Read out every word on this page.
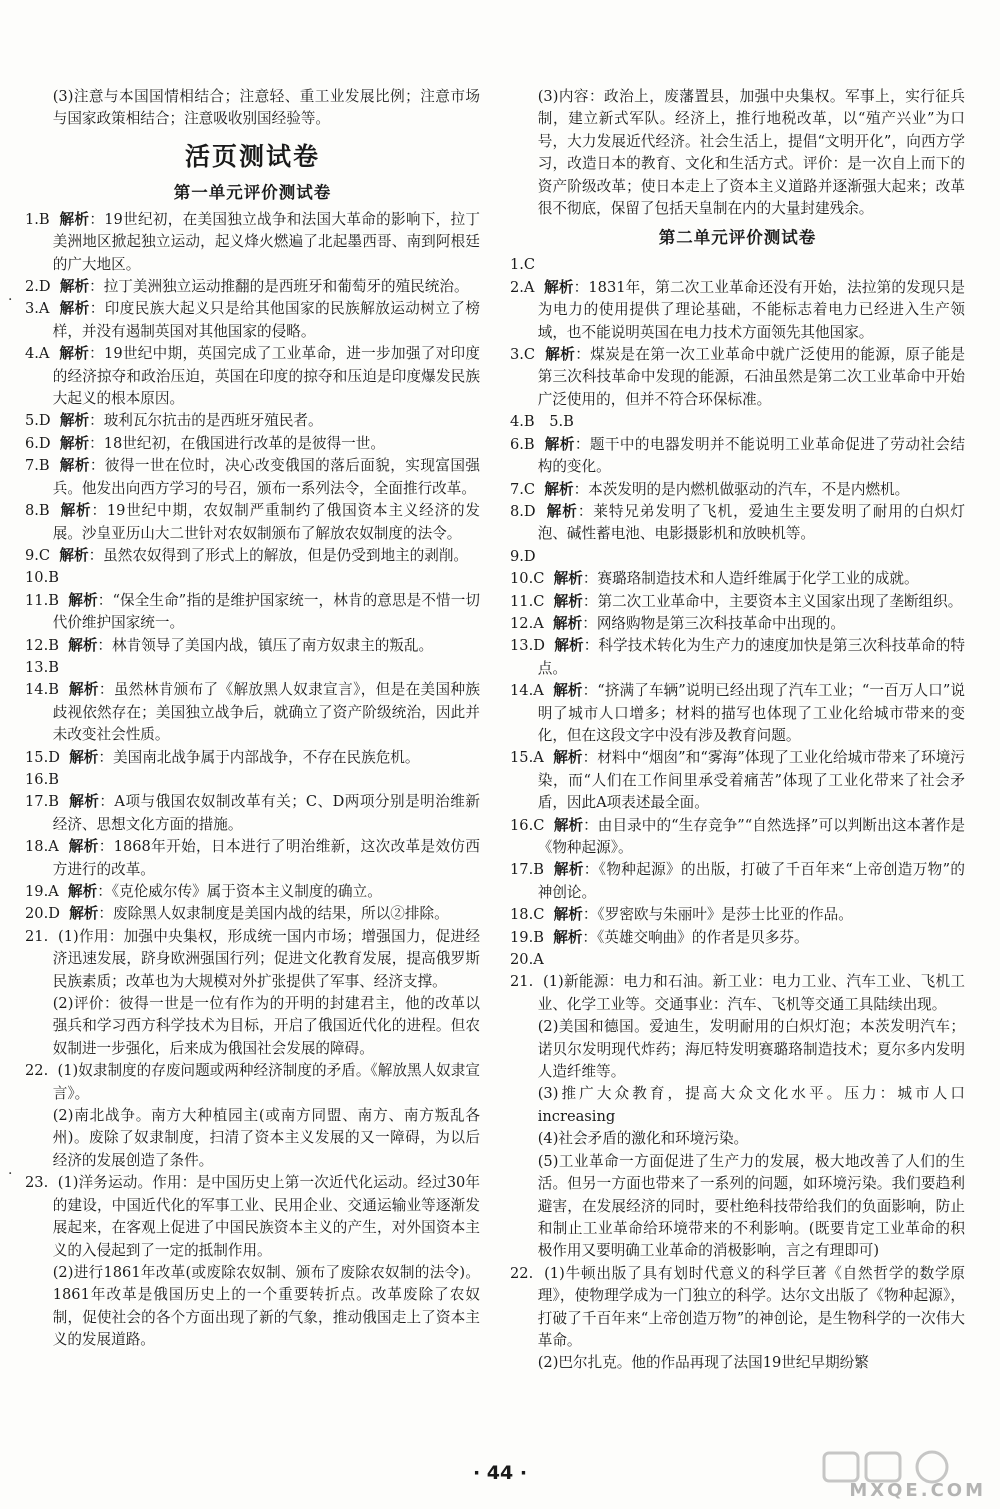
(3)注意与本国国情相结合；注意轻、重工业发展比例；注意市场与国家政策相结合；注意吸收别国经验等。
活页测试卷
第一单元评价测试卷
1.B 解析：19世纪初，在美国独立战争和法国大革命的影响下，拉丁美洲地区掀起独立运动，起义烽火燃遍了北起墨西哥、南到阿根廷的广大地区。
2.D 解析：拉丁美洲独立运动推翻的是西班牙和葡萄牙的殖民统治。
3.A 解析：印度民族大起义只是给其他国家的民族解放运动树立了榜样，并没有遏制英国对其他国家的侵略。
4.A 解析：19世纪中期，英国完成了工业革命，进一步加强了对印度的经济掠夺和政治压迫，英国在印度的掠夺和压迫是印度爆发民族大起义的根本原因。
5.D 解析：玻利瓦尔抗击的是西班牙殖民者。
6.D 解析：18世纪初，在俄国进行改革的是彼得一世。
7.B 解析：彼得一世在位时，决心改变俄国的落后面貌，实现富国强兵。他发出向西方学习的号召，颁布一系列法令，全面推行改革。
8.B 解析：19世纪中期，农奴制严重制约了俄国资本主义经济的发展。沙皇亚历山大二世针对农奴制颁布了解放农奴制度的法令。
9.C 解析：虽然农奴得到了形式上的解放，但是仍受到地主的剥削。
10.B
11.B 解析：“保全生命”指的是维护国家统一，林肯的意思是不惜一切代价维护国家统一。
12.B 解析：林肯领导了美国内战，镇压了南方奴隶主的叛乱。
13.B
14.B 解析：虽然林肯颁布了《解放黑人奴隶宣言》，但是在美国种族歧视依然存在；美国独立战争后，就确立了资产阶级统治，因此并未改变社会性质。
15.D 解析：美国南北战争属于内部战争，不存在民族危机。
16.B
17.B 解析：A项与俄国农奴制改革有关；C、D两项分别是明治维新经济、思想文化方面的措施。
18.A 解析：1868年开始，日本进行了明治维新，这次改革是效仿西方进行的改革。
19.A 解析：《克伦威尔传》属于资本主义制度的确立。
20.D 解析：废除黑人奴隶制度是美国内战的结果，所以②排除。
21. (1)作用：加强中央集权，形成统一国内市场；增强国力，促进经济迅速发展，跻身欧洲强国行列；促进文化教育发展，提高俄罗斯民族素质；改革也为大规模对外扩张提供了军事、经济支撑。
(2)评价：彼得一世是一位有作为的开明的封建君主，他的改革以强兵和学习西方科学技术为目标，开启了俄国近代化的进程。但农奴制进一步强化，后来成为俄国社会发展的障碍。
22. (1)奴隶制度的存废问题或两种经济制度的矛盾。《解放黑人奴隶宣言》。
(2)南北战争。南方大种植园主(或南方同盟、南方、南方叛乱各州)。废除了奴隶制度，扫清了资本主义发展的又一障碍，为以后经济的发展创造了条件。
23. (1)洋务运动。作用：是中国历史上第一次近代化运动。经过30年的建设，中国近代化的军事工业、民用企业、交通运输业等逐渐发展起来，在客观上促进了中国民族资本主义的产生，对外国资本主义的入侵起到了一定的抵制作用。
(2)进行1861年改革(或废除农奴制、颁布了废除农奴制的法令)。1861年改革是俄国历史上的一个重要转折点。改革废除了农奴制，促使社会的各个方面出现了新的气象，推动俄国走上了资本主义的发展道路。
(3)内容：政治上，废藩置县，加强中央集权。军事上，实行征兵制，建立新式军队。经济上，推行地税改革，以“殖产兴业”为口号，大力发展近代经济。社会生活上，提倡“文明开化”，向西方学习，改造日本的教育、文化和生活方式。评价：是一次自上而下的资产阶级改革；使日本走上了资本主义道路并逐渐强大起来；改革很不彻底，保留了包括天皇制在内的大量封建残余。
第二单元评价测试卷
1.C
2.A 解析：1831年，第二次工业革命还没有开始，法拉第的发现只是为电力的使用提供了理论基础，不能标志着电力已经进入生产领域，也不能说明英国在电力技术方面领先其他国家。
3.C 解析：煤炭是在第一次工业革命中就广泛使用的能源，原子能是第三次科技革命中发现的能源，石油虽然是第二次工业革命中开始广泛使用的，但并不符合环保标准。
4.B　5.B
6.B 解析：题干中的电器发明并不能说明工业革命促进了劳动社会结构的变化。
7.C 解析：本茨发明的是内燃机做驱动的汽车，不是内燃机。
8.D 解析：莱特兄弟发明了飞机，爱迪生主要发明了耐用的白炽灯泡、碱性蓄电池、电影摄影机和放映机等。
9.D
10.C 解析：赛璐珞制造技术和人造纤维属于化学工业的成就。
11.C 解析：第二次工业革命中，主要资本主义国家出现了垄断组织。
12.A 解析：网络购物是第三次科技革命中出现的。
13.D 解析：科学技术转化为生产力的速度加快是第三次科技革命的特点。
14.A 解析：“挤满了车辆”说明已经出现了汽车工业；“一百万人口”说明了城市人口增多；材料的描写也体现了工业化给城市带来的变化，但在这段文字中没有涉及教育问题。
15.A 解析：材料中“烟囱”和“雾海”体现了工业化给城市带来了环境污染，而“人们在工作间里承受着痛苦”体现了工业化带来了社会矛盾，因此A项表述最全面。
16.C 解析：由目录中的“生存竞争”“自然选择”可以判断出这本著作是《物种起源》。
17.B 解析：《物种起源》的出版，打破了千百年来“上帝创造万物”的神创论。
18.C 解析：《罗密欧与朱丽叶》是莎士比亚的作品。
19.B 解析：《英雄交响曲》的作者是贝多芬。
20.A
21. (1)新能源：电力和石油。新工业：电力工业、汽车工业、飞机工业、化学工业等。交通事业：汽车、飞机等交通工具陆续出现。
(2)美国和德国。爱迪生，发明耐用的白炽灯泡；本茨发明汽车；诺贝尔发明现代炸药；海厄特发明赛璐珞制造技术；夏尔多内发明人造纤维等。
(3)推广大众教育，提高大众文化水平。压力：城市人口increasing
(4)社会矛盾的激化和环境污染。
(5)工业革命一方面促进了生产力的发展，极大地改善了人们的生活。但另一方面也带来了一系列的问题，如环境污染。我们要趋利避害，在发展经济的同时，要杜绝科技带给我们的负面影响，防止和制止工业革命给环境带来的不利影响。(既要肯定工业革命的积极作用又要明确工业革命的消极影响，言之有理即可)
22. (1)牛顿出版了具有划时代意义的科学巨著《自然哲学的数学原理》，使物理学成为一门独立的科学。达尔文出版了《物种起源》，打破了千百年来“上帝创造万物”的神创论，是生物科学的一次伟大革命。
(2)巴尔扎克。他的作品再现了法国19世纪早期纷繁
· 44 ·
·
·
MXQE.COM
